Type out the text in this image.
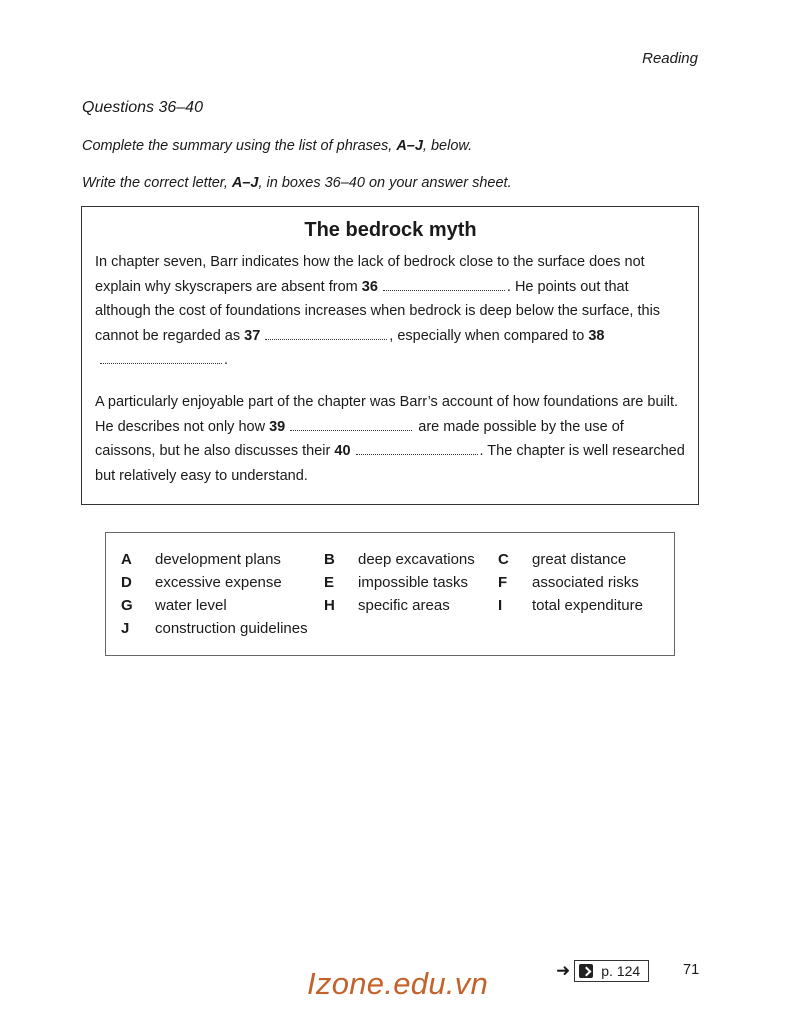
Reading
Questions 36–40
Complete the summary using the list of phrases, A–J, below.
Write the correct letter, A–J, in boxes 36–40 on your answer sheet.
The bedrock myth

In chapter seven, Barr indicates how the lack of bedrock close to the surface does not explain why skyscrapers are absent from 36	. He points out that although the cost of foundations increases when bedrock is deep below the surface, this cannot be regarded as 37	, especially when compared to 38.

A particularly enjoyable part of the chapter was Barr’s account of how foundations are built. He describes not only how 39	are made possible by the use of caissons, but he also discusses their 40	. The chapter is well researched but relatively easy to understand.

A development plans	B deep excavations C great distance
D excessive expense	E impossible tasks F associated risks
G water level	H specific areas	I total expenditure
J construction guidelines
➜ p. 124	71
Izone.edu.vn
